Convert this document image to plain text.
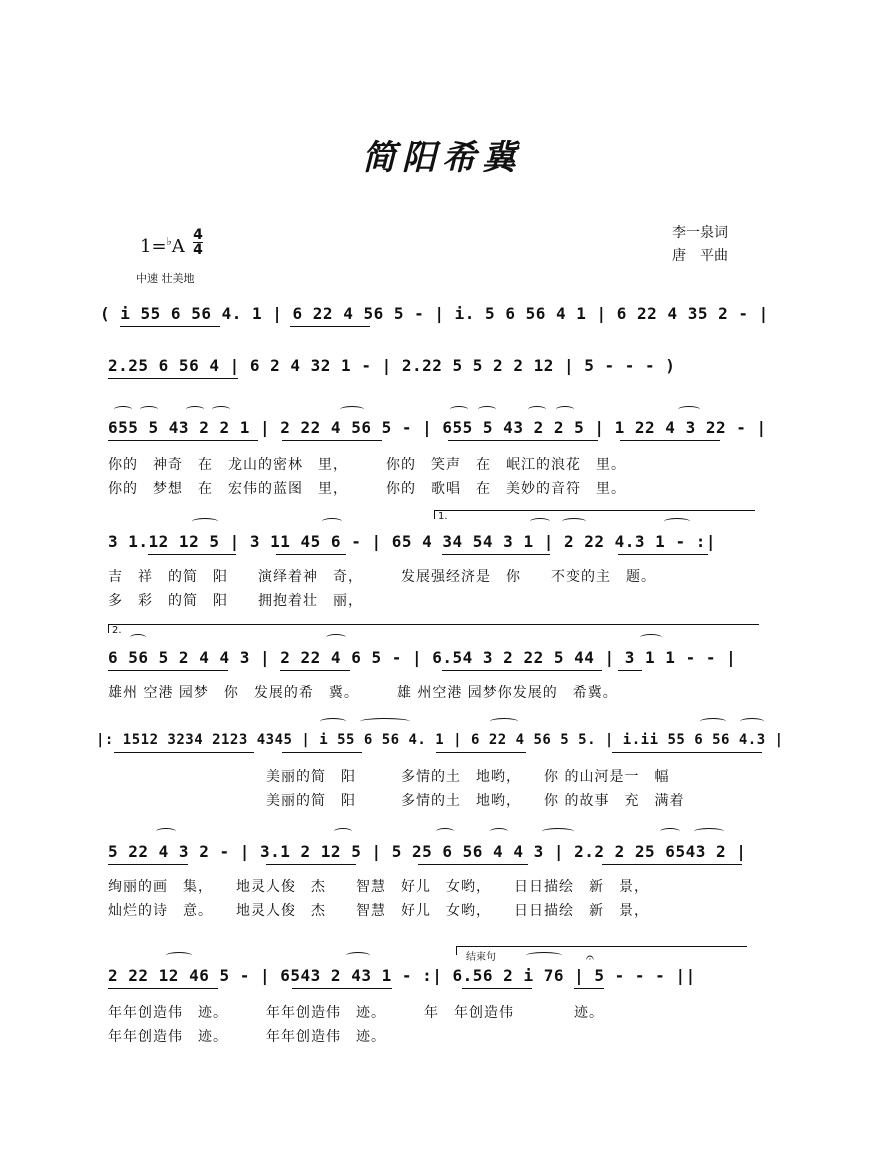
简阳希冀
李一泉词
唐　平曲
1=♭A
4
4
中速 壮美地
( i 55 6 56 4. 1 | 6 22 4 56 5 - | i. 5 6 56 4 1 | 6 22 4 35 2 - |
2.25 6 56 4 | 6 2 4 32 1 - | 2.22 5 5 2 2 12 | 5 - - - )
655 5 43 2 2 1 | 2 22 4 56 5 - | 655 5 43 2 2 5 | 1 22 4 3 22 - |
你的　神奇　在　龙山的密林　里，　　　你的　笑声　在　岷江的浪花　里。
你的　梦想　在　宏伟的蓝图　里，　　　你的　歌唱　在　美妙的音符　里。
1.
3 1.12 12 5 | 3 11 45 6 - | 65 4 34 54 3 1 | 2 22 4.3 1 - :|
吉　祥　的简　阳　　演绎着神　奇，　　　发展强经济是　你　　不变的主　题。
多　彩　的简　阳　　拥抱着壮　丽，
2.
6 56 5 2 4 4 3 | 2 22 4 6 5 - | 6.54 3 2 22 5 44 | 3 1 1 - - |
雄州 空港 园梦　你　发展的希　冀。　　　雄 州空港 园梦你发展的　希冀。
|: 1512 3234 2123 4345 | i 55 6 56 4. 1 | 6 22 4 56 5 5. | i.ii 55 6 56 4.3 |
美丽的简　阳　　　多情的土　地哟，　　你 的山河是一　幅
美丽的简　阳　　　多情的土　地哟，　　你 的故事　充　满着
5 22 4 3 2 - | 3.1 2 12 5 | 5 25 6 56 4 4 3 | 2.2 2 25 6543 2 |
绚丽的画　集，　　地灵人俊　杰　　智慧　好儿　女哟，　　日日描绘　新　景，
灿烂的诗　意。　　地灵人俊　杰　　智慧　好儿　女哟，　　日日描绘　新　景，
结束句	𝄐
2 22 12 46 5 - | 6543 2 43 1 - :| 6.56 2 i 76 | 5 - - - ||
年年创造伟　迹。　　　年年创造伟　迹。　　　年　年创造伟　　　　迹。
年年创造伟　迹。　　　年年创造伟　迹。
